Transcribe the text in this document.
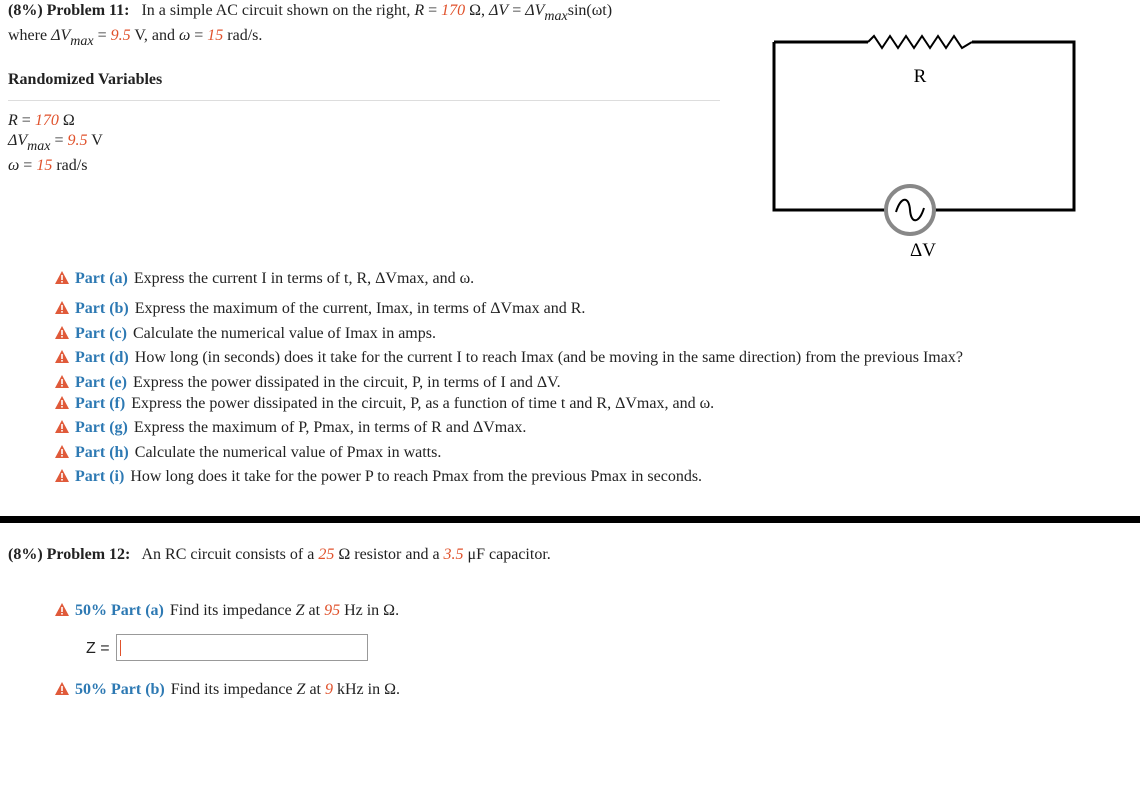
(8%) Problem 11: In a simple AC circuit shown on the right, R = 170 Ω, ΔV = ΔVmaxsin(ωt)
where ΔVmax = 9.5 V, and ω = 15 rad/s.
Randomized Variables
R = 170 Ω
ΔVmax = 9.5 V
ω = 15 rad/s
R
ΔV
Part (a) Express the current I in terms of t, R, ΔVmax, and ω.
Part (b) Express the maximum of the current, Imax, in terms of ΔVmax and R.
Part (c) Calculate the numerical value of Imax in amps.
Part (d) How long (in seconds) does it take for the current I to reach Imax (and be moving in the same direction) from the previous Imax?
Part (e) Express the power dissipated in the circuit, P, in terms of I and ΔV.
Part (f) Express the power dissipated in the circuit, P, as a function of time t and R, ΔVmax, and ω.
Part (g) Express the maximum of P, Pmax, in terms of R and ΔVmax.
Part (h) Calculate the numerical value of Pmax in watts.
Part (i) How long does it take for the power P to reach Pmax from the previous Pmax in seconds.
(8%) Problem 12: An RC circuit consists of a 25 Ω resistor and a 3.5 μF capacitor.
50% Part (a) Find its impedance Z at 95 Hz in Ω.
Z =
50% Part (b) Find its impedance Z at 9 kHz in Ω.
